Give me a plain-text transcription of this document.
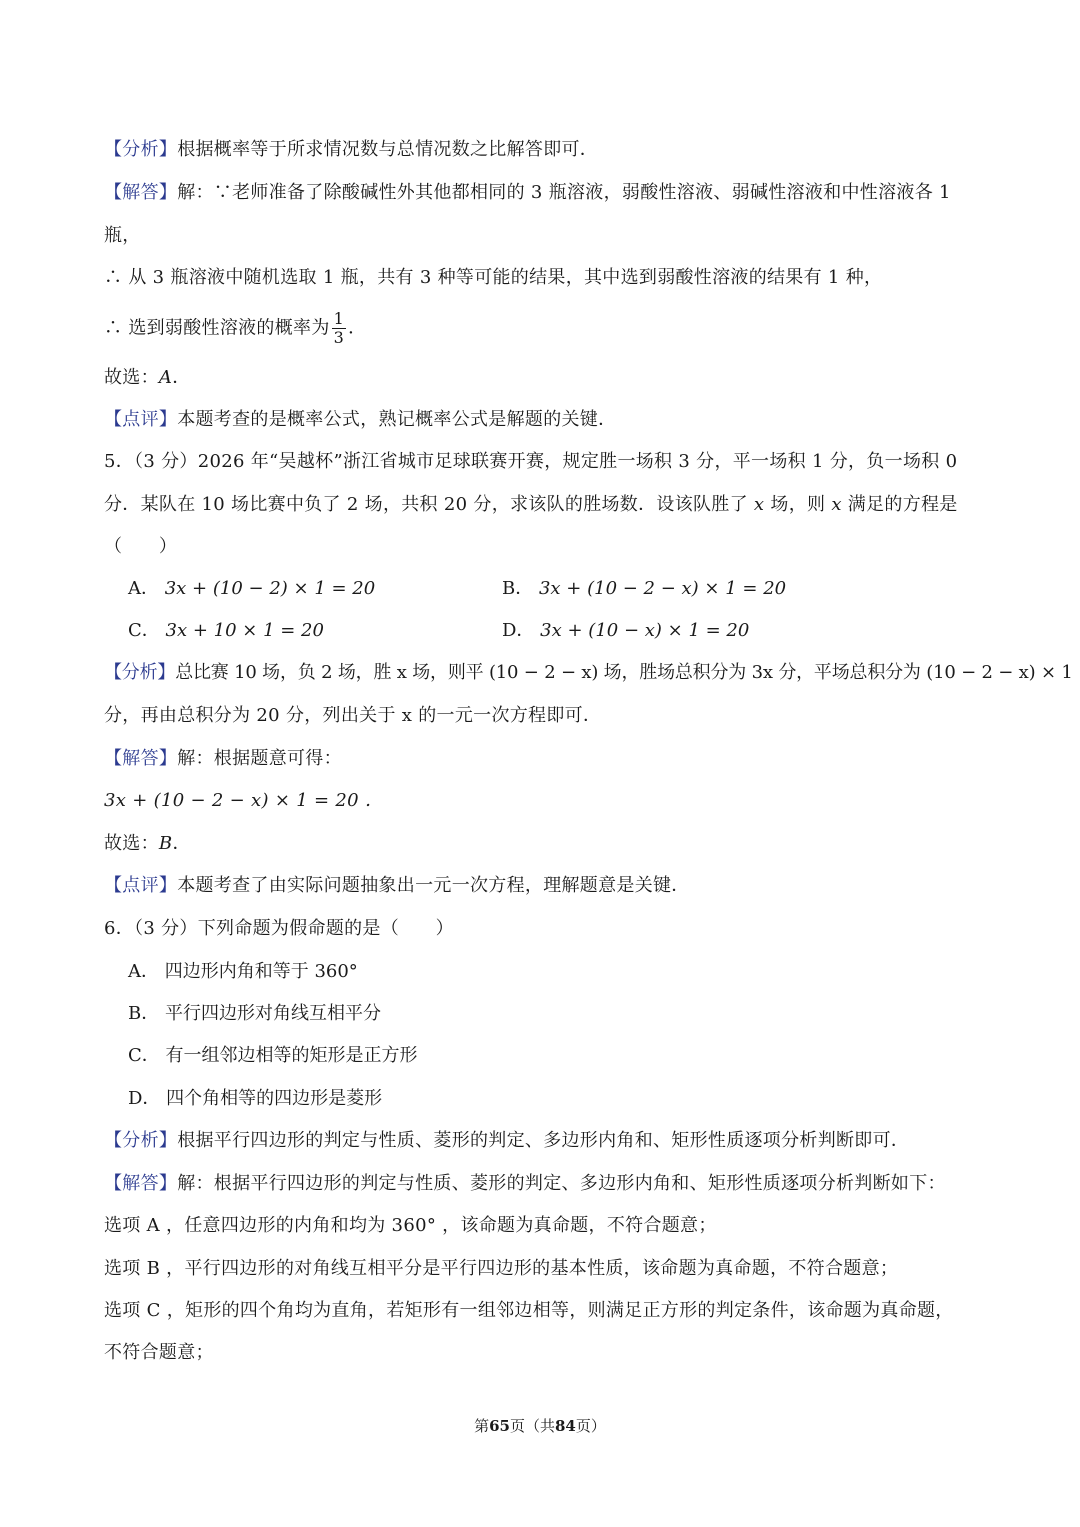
【分析】根据概率等于所求情况数与总情况数之比解答即可．
【解答】解：∵老师准备了除酸碱性外其他都相同的 3 瓶溶液，弱酸性溶液、弱碱性溶液和中性溶液各 1
瓶，
∴ 从 3 瓶溶液中随机选取 1 瓶，共有 3 种等可能的结果，其中选到弱酸性溶液的结果有 1 种，
∴ 选到弱酸性溶液的概率为 $\frac{1}{3}$ ．
故选：A．
【点评】本题考查的是概率公式，熟记概率公式是解题的关键．
5．（3 分）2026 年“吴越杯”浙江省城市足球联赛开赛，规定胜一场积 3 分，平一场积 1 分，负一场积 0
分．某队在 10 场比赛中负了 2 场，共积 20 分，求该队的胜场数．设该队胜了 x 场，则 x 满足的方程是
（　　）
A． 3x + (10 − 2) × 1 = 20	B． 3x + (10 − 2 − x) × 1 = 20
C． 3x + 10 × 1 = 20	D． 3x + (10 − x) × 1 = 20
【分析】总比赛 10 场，负 2 场，胜 x 场，则平 (10 − 2 − x) 场，胜场总积分为 3x 分，平场总积分为 (10 − 2 − x) × 1
分，再由总积分为 20 分，列出关于 x 的一元一次方程即可．
【解答】解：根据题意可得：
3x + (10 − 2 − x) × 1 = 20 ．
故选：B．
【点评】本题考查了由实际问题抽象出一元一次方程，理解题意是关键．
6．（3 分）下列命题为假命题的是（　　）
A． 四边形内角和等于 360°
B． 平行四边形对角线互相平分
C． 有一组邻边相等的矩形是正方形
D． 四个角相等的四边形是菱形
【分析】根据平行四边形的判定与性质、菱形的判定、多边形内角和、矩形性质逐项分析判断即可．
【解答】解：根据平行四边形的判定与性质、菱形的判定、多边形内角和、矩形性质逐项分析判断如下：
选项 A ，任意四边形的内角和均为 360° ，该命题为真命题，不符合题意；
选项 B ，平行四边形的对角线互相平分是平行四边形的基本性质，该命题为真命题，不符合题意；
选项 C ，矩形的四个角均为直角，若矩形有一组邻边相等，则满足正方形的判定条件，该命题为真命题，
不符合题意；
第65页（共84页）
